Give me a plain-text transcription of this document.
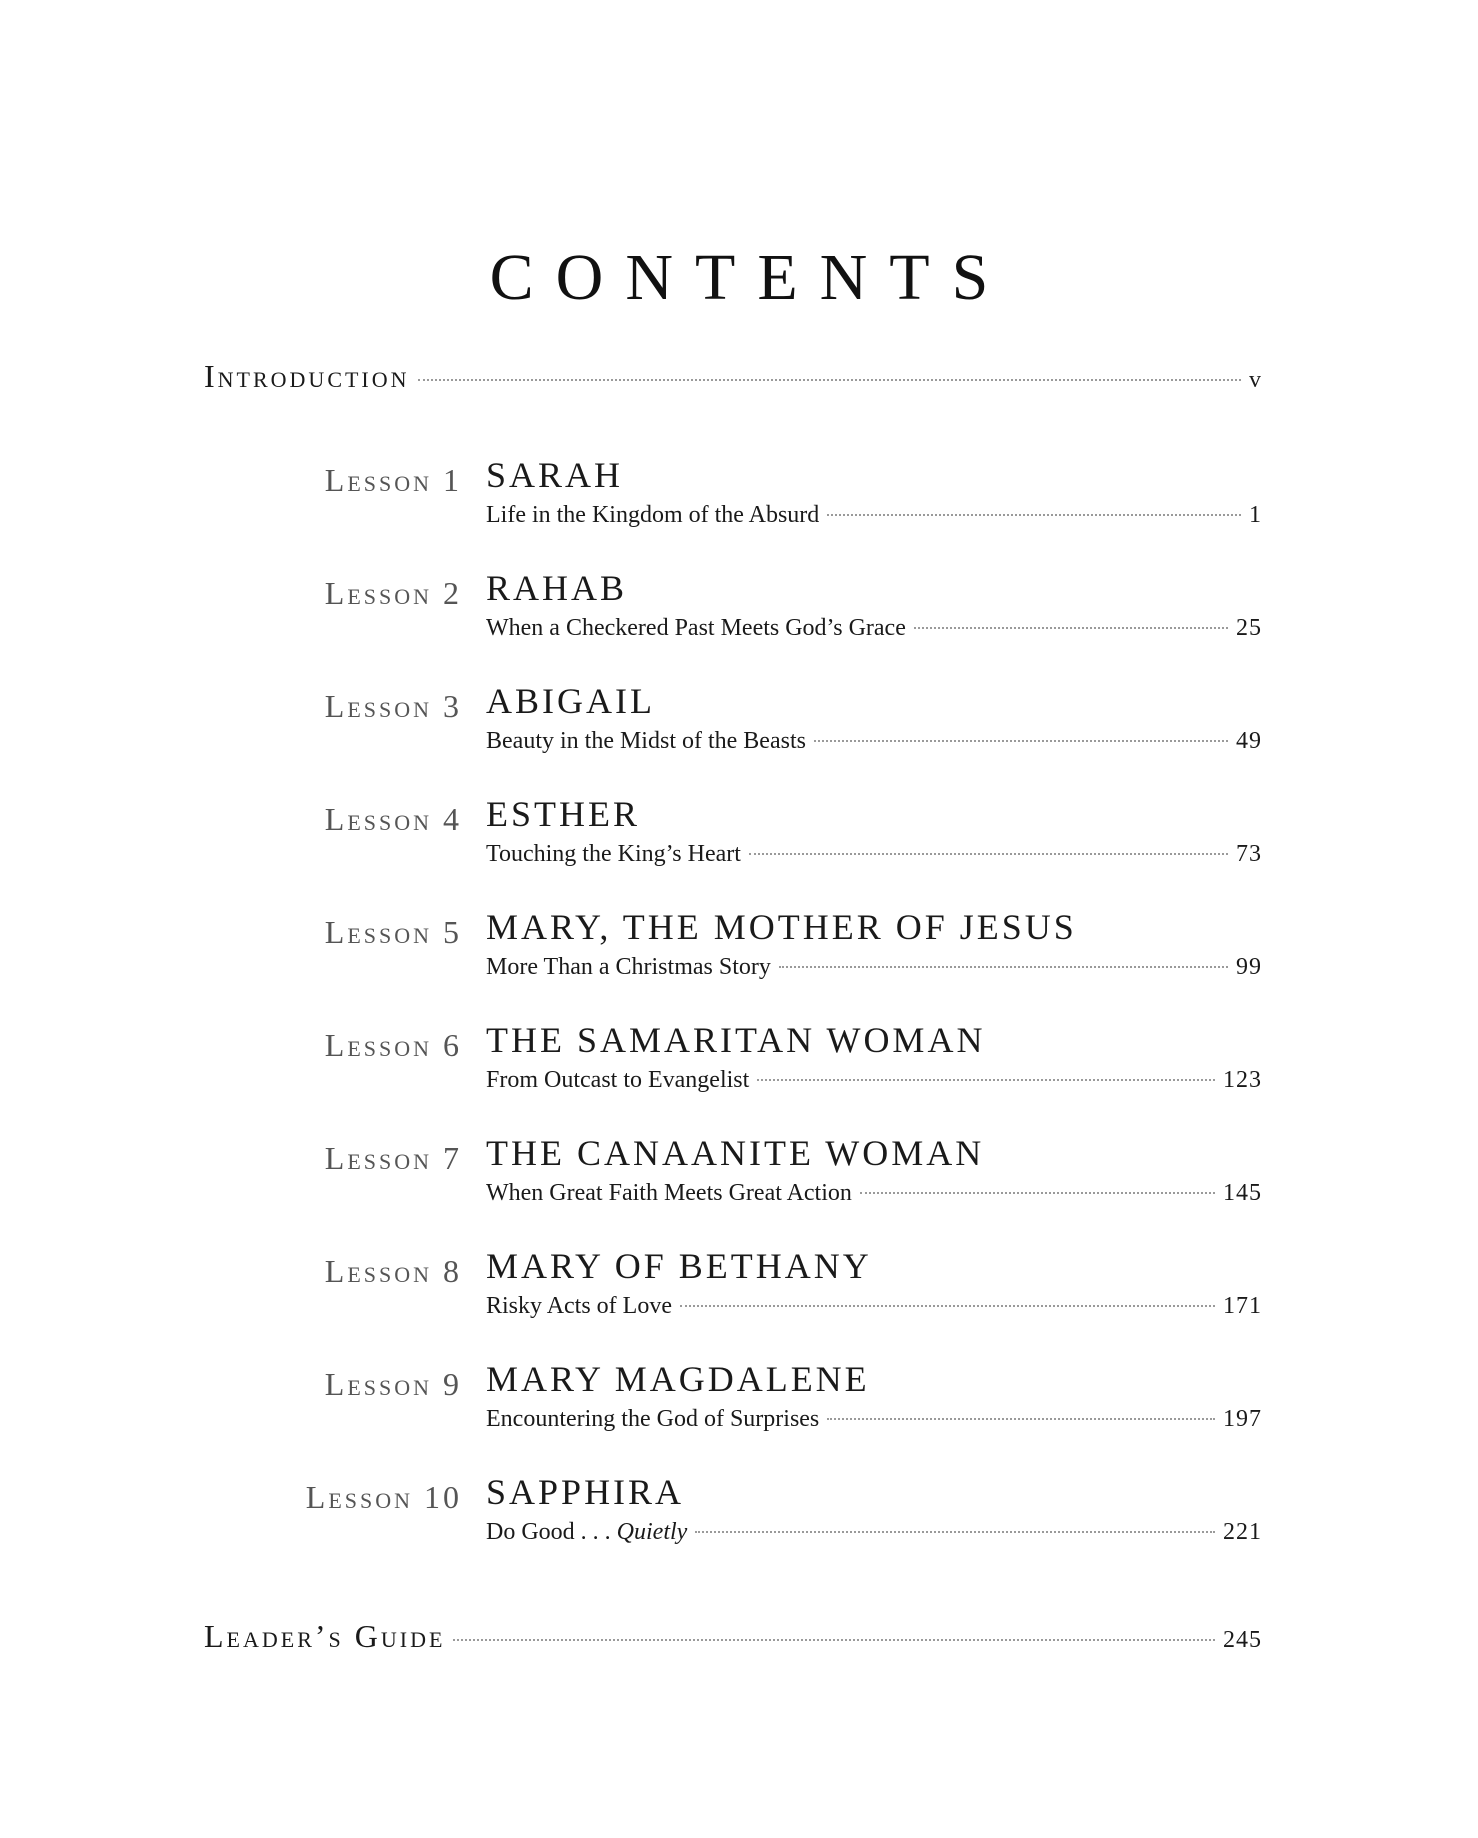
CONTENTS
Introduction	v
Lesson 1 SARAH
Life in the Kingdom of the Absurd	1
Lesson 2 RAHAB
When a Checkered Past Meets God’s Grace	25
Lesson 3 ABIGAIL
Beauty in the Midst of the Beasts	49
Lesson 4 ESTHER
Touching the King’s Heart	73
Lesson 5 MARY, THE MOTHER OF JESUS
More Than a Christmas Story	99
Lesson 6 THE SAMARITAN WOMAN
From Outcast to Evangelist	123
Lesson 7 THE CANAANITE WOMAN
When Great Faith Meets Great Action	145
Lesson 8 MARY OF BETHANY
Risky Acts of Love	171
Lesson 9 MARY MAGDALENE
Encountering the God of Surprises	197
Lesson 10 SAPPHIRA
Do Good . . . Quietly	221
Leader’s Guide	245
